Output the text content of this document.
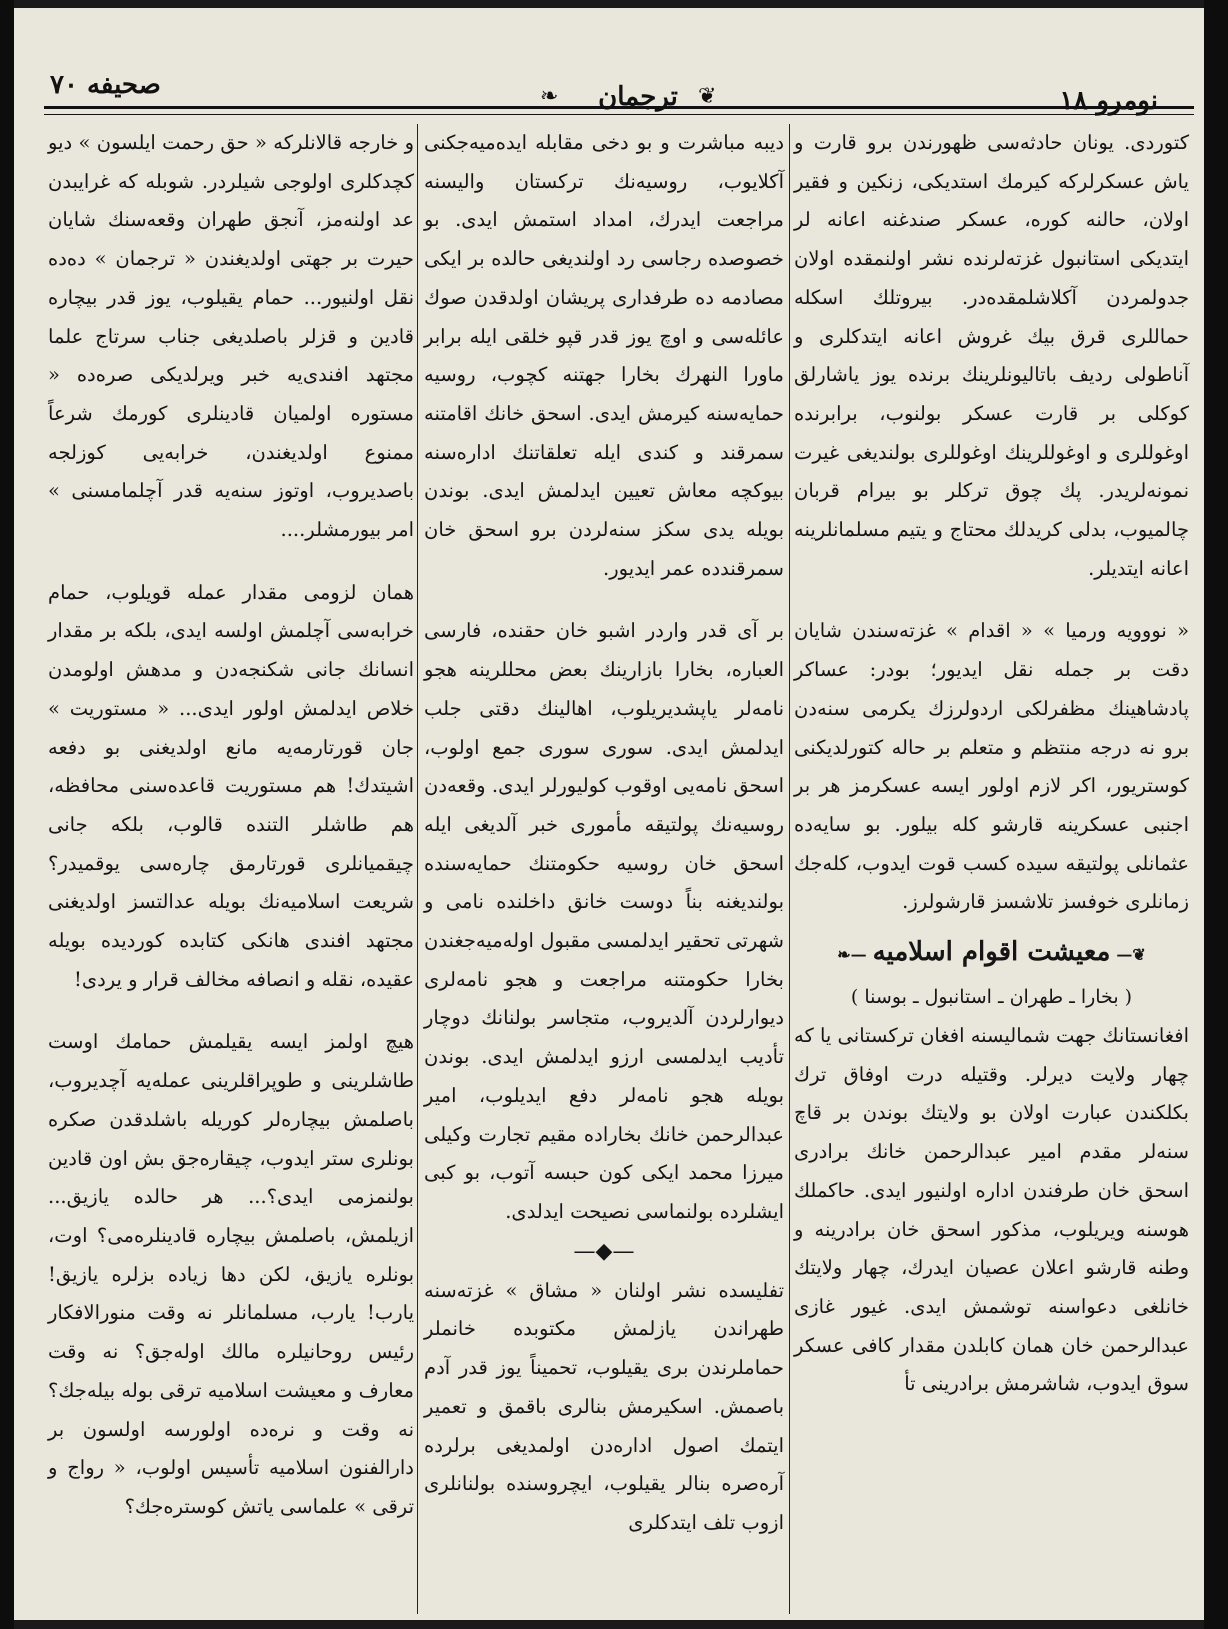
نومرو ۱۸
❦
ترجمان
❧
صحیفه ۷۰

کتوردی. یونان حادثه‌سی ظهورندن برو قارت و یاش عسکرلرکه کیرمك استدیکی، زنکین و فقیر اولان، حالنه کوره، عسکر صندغنه اعانه لر ایتدیکی استانبول غزته‌لرنده نشر اولنمقده اولان جدولمردن آکلاشلمقده‌در. بیروتلك اسکله حماللری قرق بیك غروش اعانه ایتدکلری و آناطولی ردیف باتالیونلرینك برنده یوز یاشارلق کوکلی بر قارت عسکر بولنوب، برابرنده اوغوللری و اوغوللرینك اوغوللری بولندیغی غیرت نمونه‌لریدر. پك چوق ترکلر بو بیرام قربان چالمیوب، بدلی کریدلك محتاج و یتیم مسلمانلرینه اعانه ایتدیلر.

« نووویه ورمیا » « اقدام » غزته‌سندن شایان دقت بر جمله نقل ایدیور؛ بودر: عساکر پادشاهینك مظفرلکی اردولرزك یکرمی سنه‌دن برو نه درجه منتظم و متعلم بر حاله کتورلدیکنی کوستریور، اکر لازم اولور ایسه عسکرمز هر بر اجنبی عسکرینه قارشو کله بیلور. بو سایه‌ده عثمانلی پولتیقه سیده کسب قوت ایدوب، کله‌جك زمانلری خوفسز تلاشسز قارشولرز.

❦—معیشت اقوام اسلامیه—❧
( بخارا ـ طهران ـ استانبول ـ بوسنا )

افغانستانك جهت شمالیسنه افغان ترکستانی یا که چهار ولایت دیرلر. وقتیله درت اوفاق ترك بکلکندن عبارت اولان بو ولایتك بوندن بر قاچ سنه‌لر مقدم امیر عبدالرحمن خانك برادری اسحق خان طرفندن اداره اولنیور ایدی. حاکملك هوسنه ویریلوب، مذکور اسحق خان برادرینه و وطنه قارشو اعلان عصیان ایدرك، چهار ولایتك خانلغی دعواسنه توشمش ایدی. غیور غازی عبدالرحمن خان همان کابلدن مقدار کافی عسکر سوق ایدوب، شاشرمش برادرینی تأ

دیبه مباشرت و بو دخی مقابله ایده‌میه‌جکنی آکلایوب، روسیه‌نك ترکستان والیسنه مراجعت ایدرك، امداد استمش ایدی. بو خصوصده رجاسی رد اولندیغی حالده بر ایکی مصادمه ده طرفداری پریشان اولدقدن صوك عائله‌سی و اوچ یوز قدر قپو خلقی ایله برابر ماورا النهرك بخارا جهتنه کچوب، روسیه حمایه‌سنه کیرمش ایدی. اسحق خانك اقامتنه سمرقند و کندی ایله تعلقاتنك اداره‌سنه بیوکچه معاش تعیین ایدلمش ایدی. بوندن بویله یدی سکز سنه‌لردن برو اسحق خان سمرقندده عمر ایدیور.

بر آی قدر واردر اشبو خان حقنده، فارسی العباره، بخارا بازارینك بعض محللرینه هجو نامه‌لر یاپشدیریلوب، اهالینك دقتی جلب ایدلمش ایدی. سوری سوری جمع اولوب، اسحق نامه‌یی اوقوب کولیورلر ایدی. وقعه‌دن روسیه‌نك پولتیقه مأموری خبر آلدیغی ایله اسحق خان روسیه حکومتنك حمایه‌سنده بولندیغنه بناً دوست خانق داخلنده نامی و شهرتی تحقیر ایدلمسی مقبول اوله‌میه‌جغندن بخارا حکومتنه مراجعت و هجو نامه‌لری دیوارلردن آلدیروب، متجاسر بولنانك دوچار تأدیب ایدلمسی ارزو ایدلمش ایدی. بوندن بویله هجو نامه‌لر دفع ایدیلوب، امیر عبدالرحمن خانك بخاراده مقیم تجارت وکیلی میرزا محمد ایکی کون حبسه آتوب، بو کبی ایشلرده بولنماسی نصیحت ایدلدی.

—◆—

تفلیسده نشر اولنان « مشاق » غزته‌سنه طهراندن یازلمش مکتوبده خانملر حماملرندن بری یقیلوب، تحمیناً یوز قدر آدم باصمش. اسکیرمش بنالری باقمق و تعمیر ایتمك اصول اداره‌دن اولمدیغی برلرده آره‌صره بنالر یقیلوب، ایچروسنده بولنانلری ازوب تلف ایتدکلری

و خارجه قالانلرکه « حق رحمت ایلسون » دیو کچدکلری اولوجی شیلردر. شوبله که غرایبدن عد اولنه‌مز، آنجق طهران وقعه‌سنك شایان حیرت بر جهتی اولدیغندن « ترجمان » ده‌ده نقل اولنیور... حمام یقیلوب، یوز قدر بیچاره قادین و قزلر باصلدیغی جناب سرتاج علما مجتهد افندی‌یه خبر ویرلدیکی صره‌ده « مستوره اولمیان قادینلری کورمك شرعاً ممنوع اولدیغندن، خرابه‌یی کوزلجه باصدیروب، اوتوز سنه‌یه قدر آچلمامسنی » امر بیورمشلر....

همان لزومی مقدار عمله قویلوب، حمام خرابه‌سی آچلمش اولسه ایدی، بلکه بر مقدار انسانك جانی شکنجه‌دن و مدهش اولومدن خلاص ایدلمش اولور ایدی... « مستوریت » جان قورتارمه‌یه مانع اولدیغنی بو دفعه اشیتدك! هم مستوریت قاعده‌سنی محافظه، هم طاشلر التنده قالوب، بلکه جانی چیقمیانلری قورتارمق چاره‌سی یوقمیدر؟ شریعت اسلامیه‌نك بویله عدالتسز اولدیغنی مجتهد افندی هانکی کتابده کوردیده بویله عقیده، نقله و انصافه مخالف قرار و یردی!

هیچ اولمز ایسه یقیلمش حمامك اوست طاشلرینی و طوپراقلرینی عمله‌یه آچدیروب، باصلمش بیچاره‌لر کوریله باشلدقدن صکره بونلری ستر ایدوب، چیقاره‌جق بش اون قادین بولنمزمی ایدی؟... هر حالده یازیق... ازیلمش، باصلمش بیچاره قادینلره‌می؟ اوت، بونلره یازیق، لکن دها زیاده بزلره یازیق! یارب! یارب، مسلمانلر نه وقت منورالافکار رئیس روحانیلره مالك اوله‌جق؟ نه وقت معارف و معیشت اسلامیه ترقی بوله بیله‌جك؟ نه وقت و نره‌ده اولورسه اولسون بر دارالفنون اسلامیه تأسیس اولوب، « رواج و ترقی » علماسی یاتش کوستره‌جك؟
